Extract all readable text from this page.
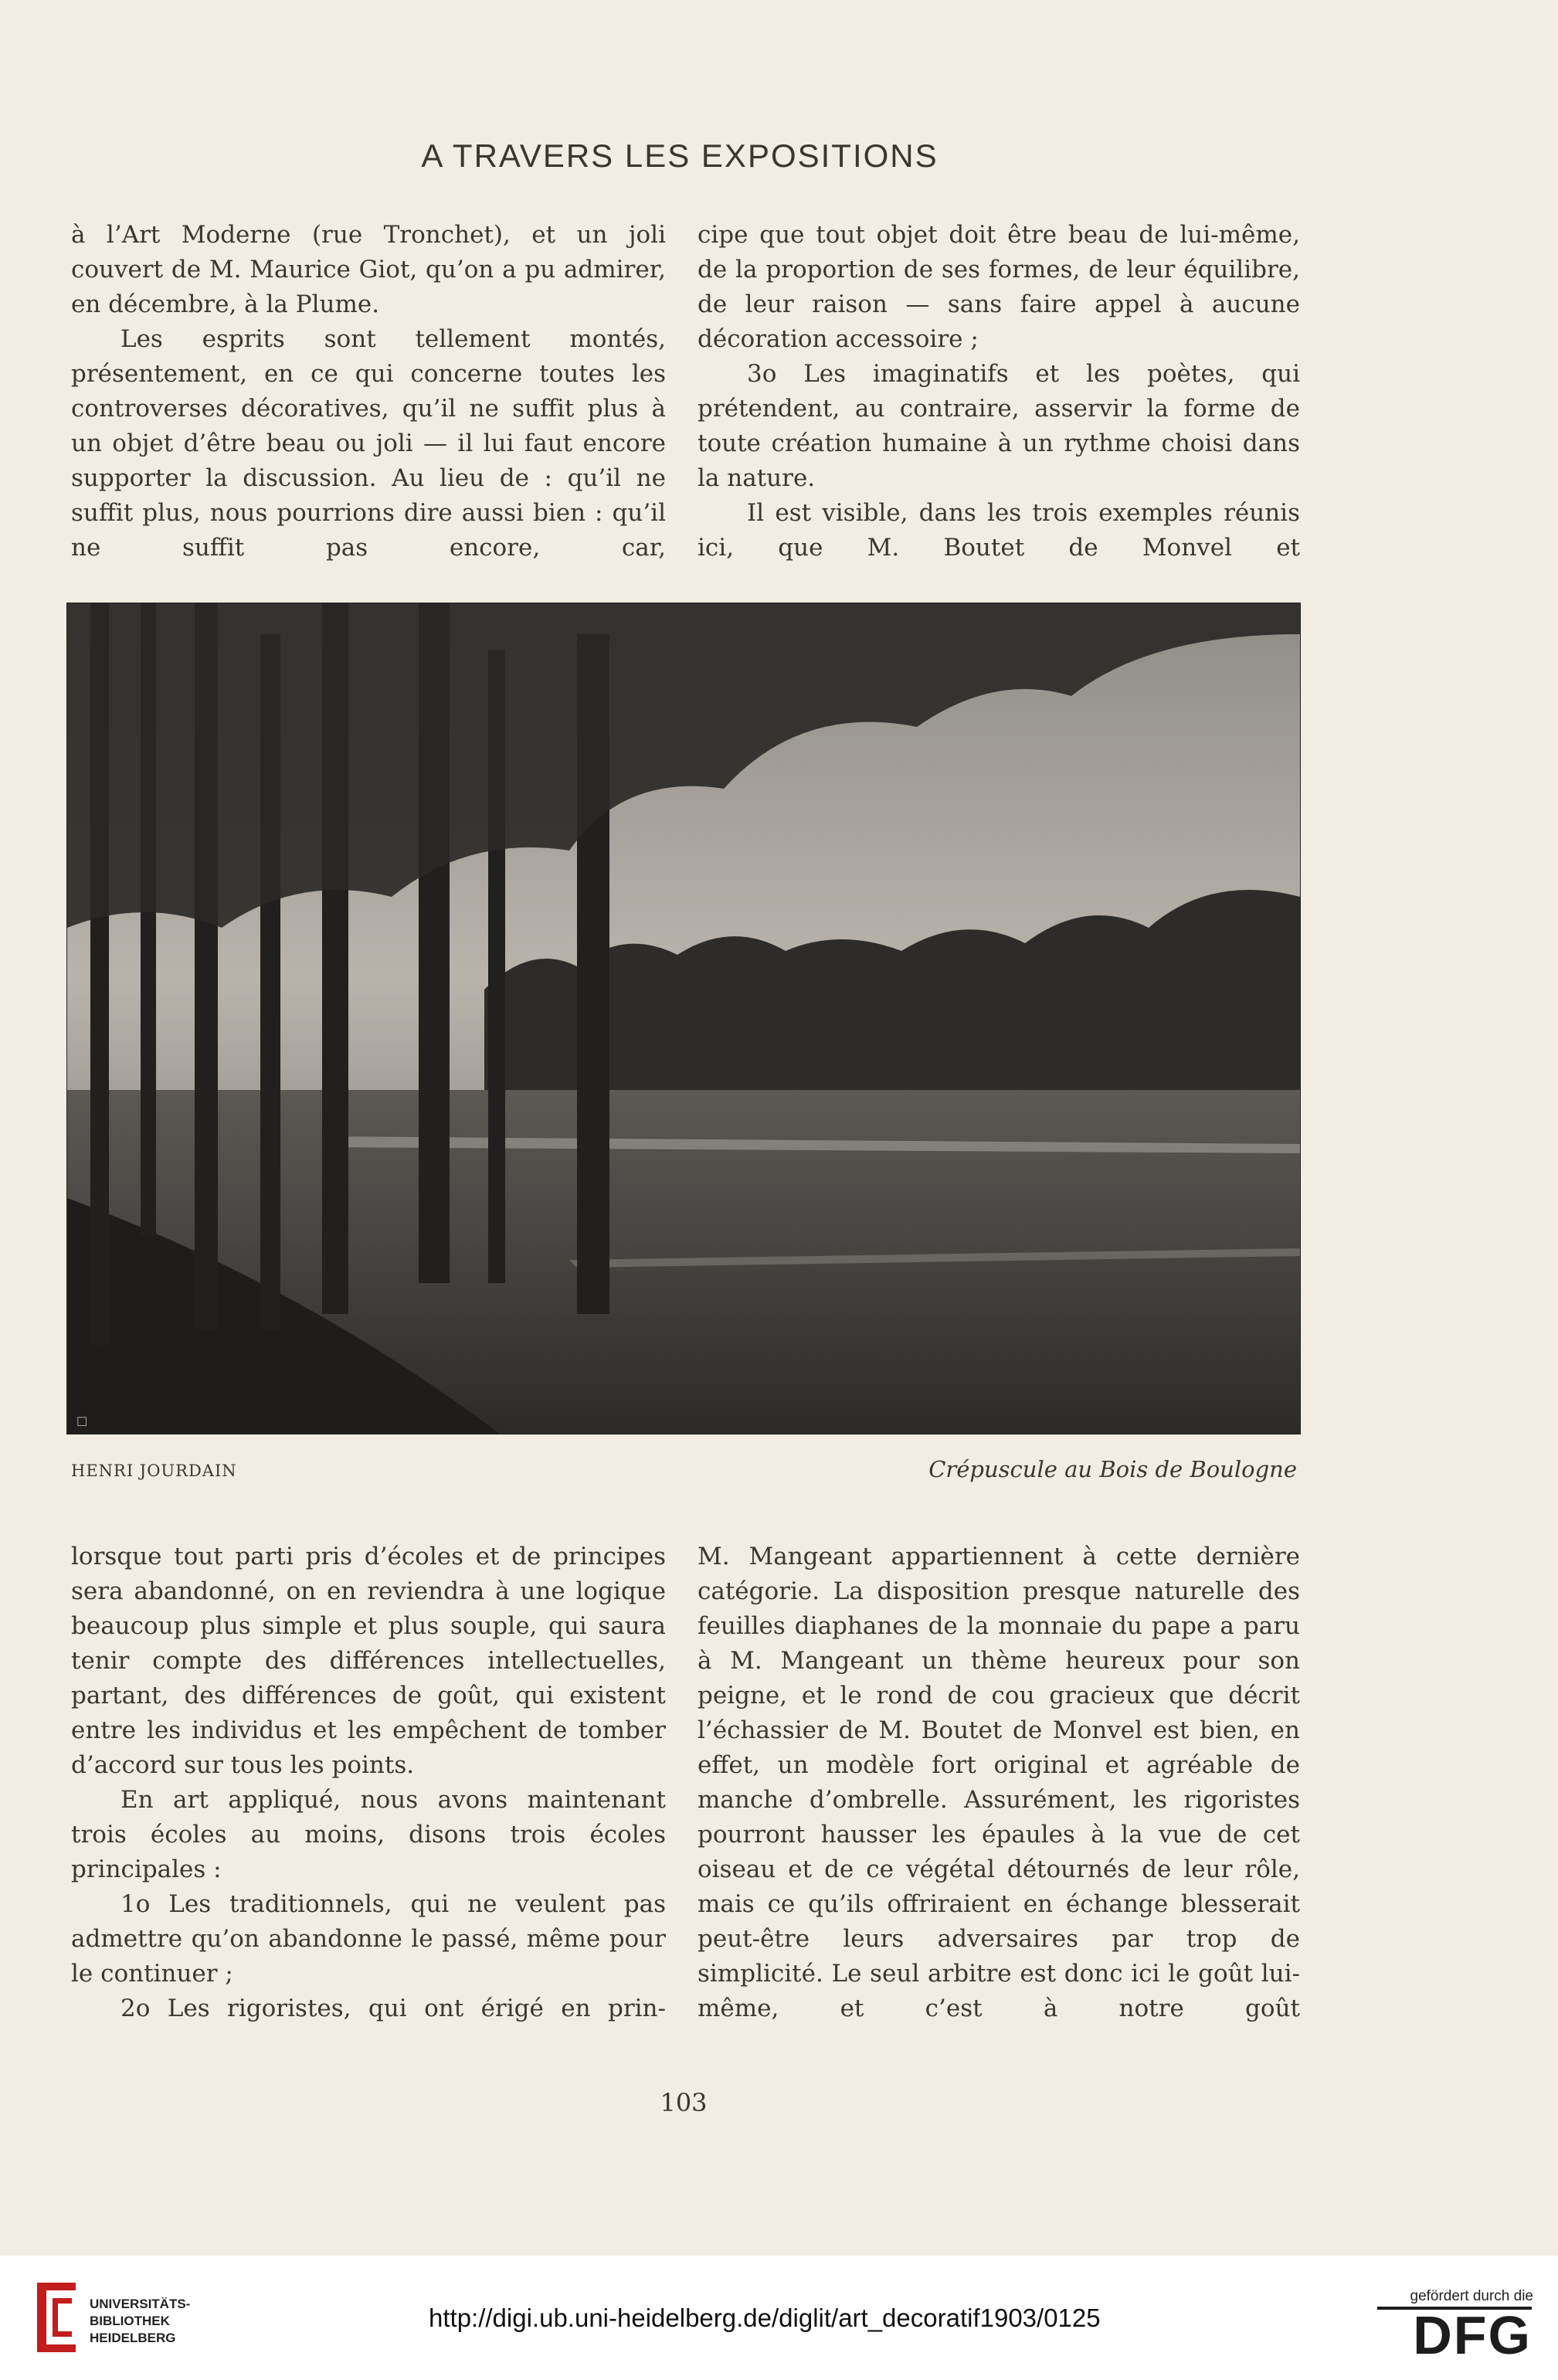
A TRAVERS LES EXPOSITIONS

à l’Art Moderne (rue Tronchet), et un joli couvert de M. Maurice Giot, qu’on a pu admirer, en décembre, à la Plume.

Les esprits sont tellement montés, présentement, en ce qui concerne toutes les controverses décoratives, qu’il ne suffit plus à un objet d’être beau ou joli — il lui faut encore supporter la discussion. Au lieu de : qu’il ne suffit plus, nous pourrions dire aussi bien : qu’il ne suffit pas encore, car,

cipe que tout objet doit être beau de lui-même, de la proportion de ses formes, de leur équilibre, de leur raison — sans faire appel à aucune décoration accessoire ;

3o Les imaginatifs et les poètes, qui prétendent, au contraire, asservir la forme de toute création humaine à un rythme choisi dans la nature.

Il est visible, dans les trois exemples réunis ici, que M. Boutet de Monvel et

☐
HENRI JOURDAIN	Crépuscule au Bois de Boulogne

lorsque tout parti pris d’écoles et de principes sera abandonné, on en reviendra à une logique beaucoup plus simple et plus souple, qui saura tenir compte des différences intellectuelles, partant, des différences de goût, qui existent entre les individus et les empêchent de tomber d’accord sur tous les points.

En art appliqué, nous avons maintenant trois écoles au moins, disons trois écoles principales :

1o Les traditionnels, qui ne veulent pas admettre qu’on abandonne le passé, même pour le continuer ;

2o Les rigoristes, qui ont érigé en prin-

M. Mangeant appartiennent à cette dernière catégorie. La disposition presque naturelle des feuilles diaphanes de la monnaie du pape a paru à M. Mangeant un thème heureux pour son peigne, et le rond de cou gracieux que décrit l’échassier de M. Boutet de Monvel est bien, en effet, un modèle fort original et agréable de manche d’ombrelle. Assurément, les rigoristes pourront hausser les épaules à la vue de cet oiseau et de ce végétal détournés de leur rôle, mais ce qu’ils offriraient en échange blesserait peut-être leurs adversaires par trop de simplicité. Le seul arbitre est donc ici le goût lui-même, et c’est à notre goût

103
UNIVERSITÄTS-
BIBLIOTHEK
HEIDELBERG
http://digi.ub.uni-heidelberg.de/diglit/art_decoratif1903/0125
gefördert durch die
DFG
